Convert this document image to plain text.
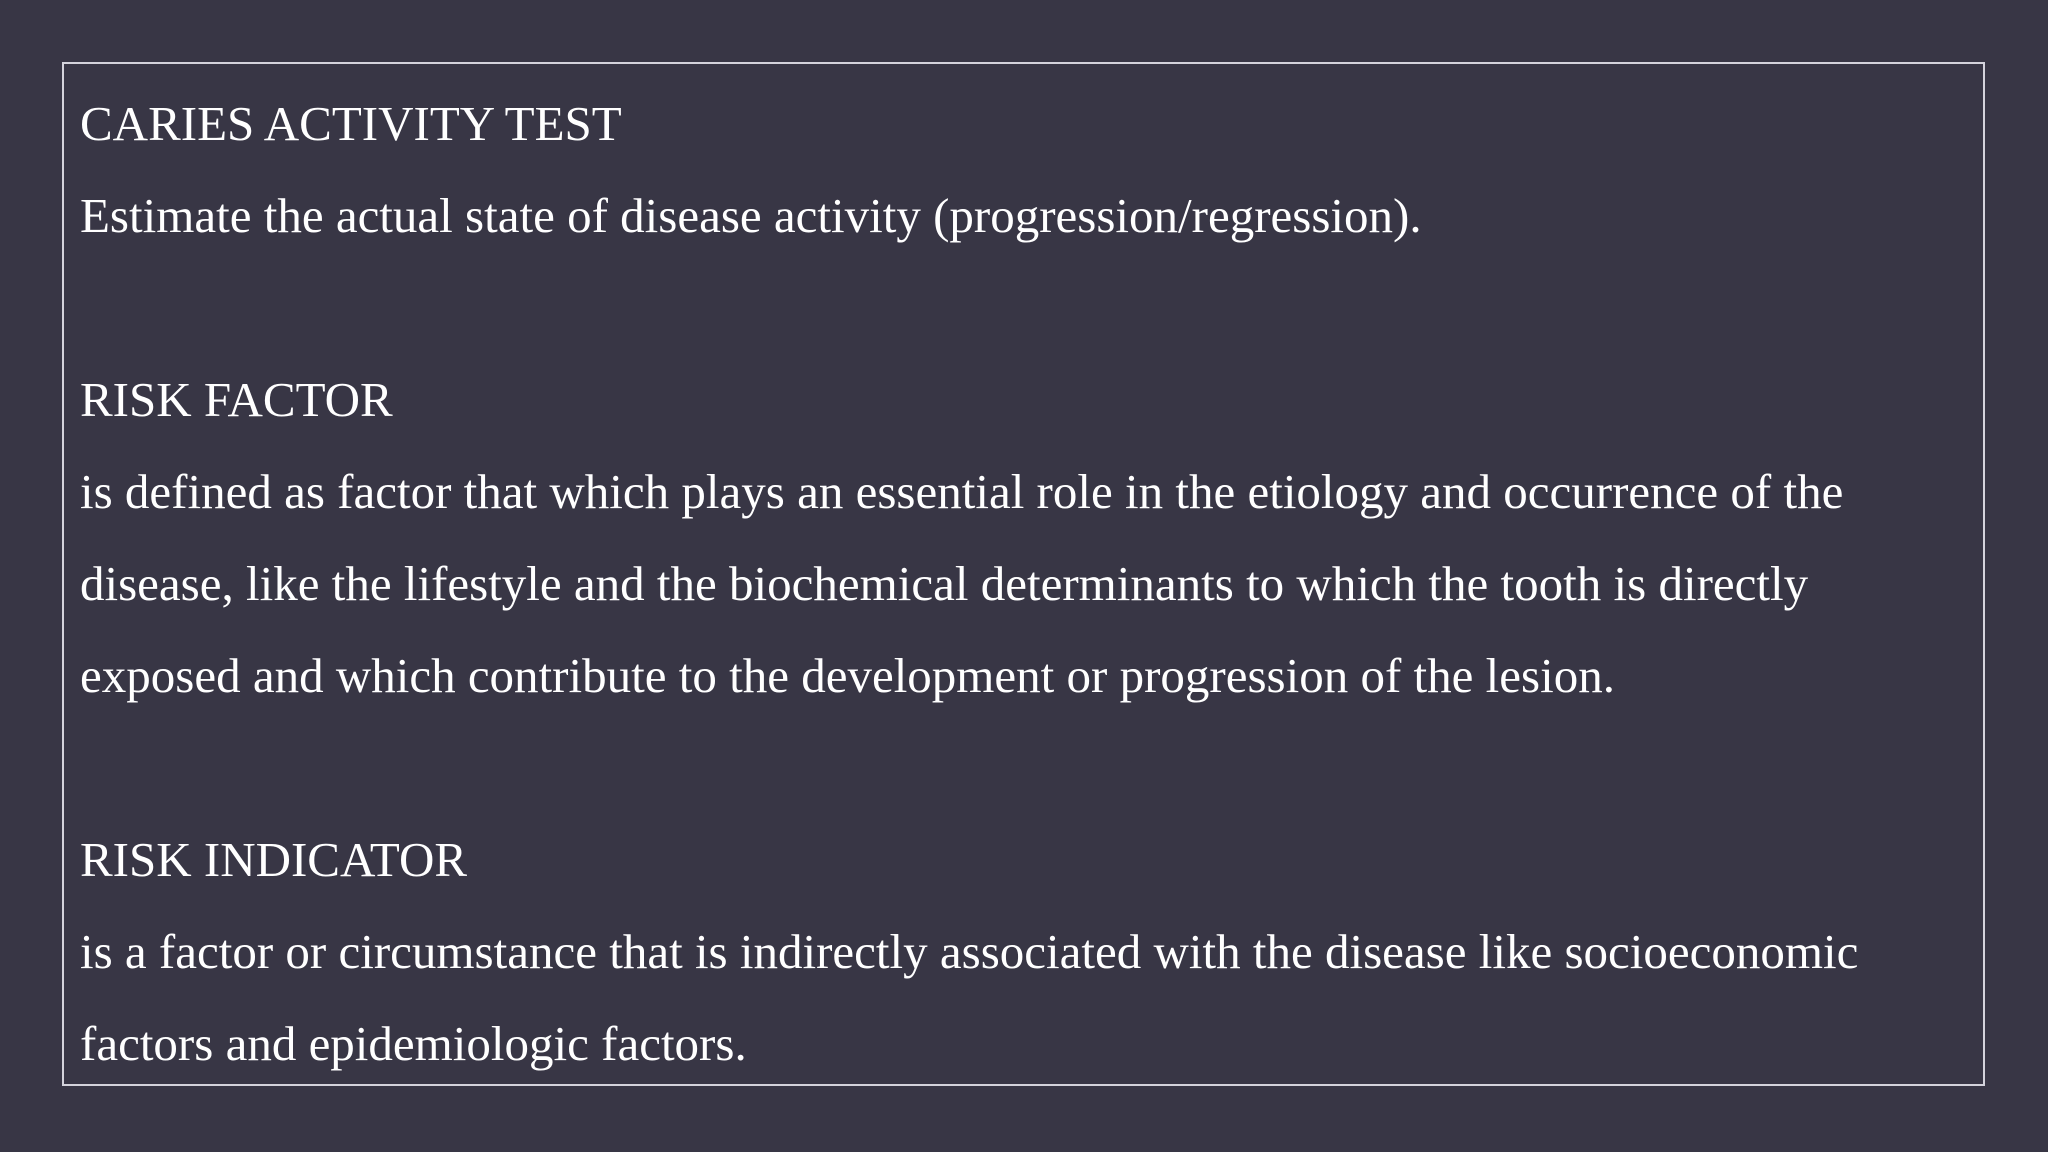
CARIES ACTIVITY TEST

Estimate the actual state of disease activity (progression/regression).

RISK FACTOR

is defined as factor that which plays an essential role in the etiology and occurrence of the

disease, like the lifestyle and the biochemical determinants to which the tooth is directly

exposed and which contribute to the development or progression of the lesion.

RISK INDICATOR

is a factor or circumstance that is indirectly associated with the disease like socioeconomic

factors and epidemiologic factors.
